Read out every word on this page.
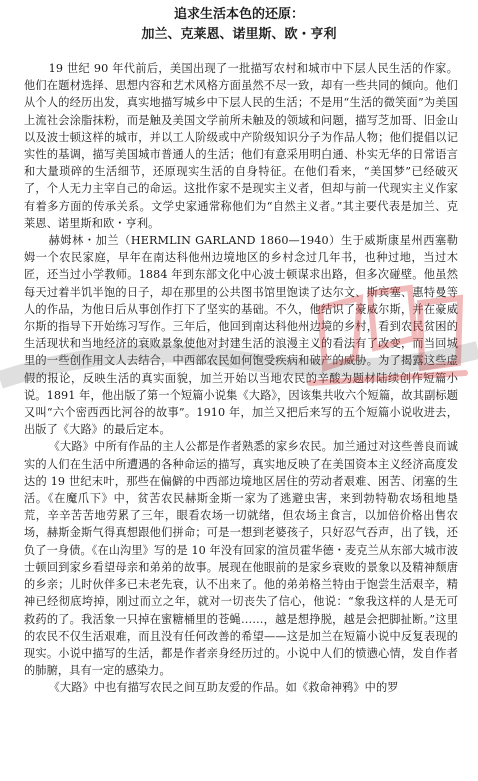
追求生活本色的还原：

加兰、克莱恩、诺里斯、欧・亨利

19 世纪 90 年代前后，美国出现了一批描写农村和城市中下层人民生活的作家。他们在题材选择、思想内容和艺术风格方面虽然不尽一致，却有一些共同的倾向。他们从个人的经历出发，真实地描写城乡中下层人民的生活；不是用“生活的微笑面”为美国上流社会涂脂抹粉，而是触及美国文学前所未触及的领域和问题，描写芝加哥、旧金山以及波士顿这样的城市，并以工人阶级或中产阶级知识分子为作品人物；他们提倡以记实性的基调，描写美国城市普通人的生活；他们有意采用明白通、朴实无华的日常语言和大量琐碎的生活细节，还原现实生活的自身特征。在他们看来，“美国梦”已经破灭了，个人无力主宰自己的命运。这批作家不是现实主义者，但却与前一代现实主义作家有着多方面的传承关系。文学史家通常称他们为“自然主义者。”其主要代表是加兰、克莱恩、诺里斯和欧・亨利。

赫姆林・加兰（HERMLIN GARLAND 1860—1940）生于威斯康星州西塞勒姆一个农民家庭，早年在南达科他州边境地区的乡村念过几年书，也种过地，当过木匠，还当过小学教师。1884 年到东部文化中心波士顿谋求出路，但多次碰壁。他虽然每天过着半饥半饱的日子，却在那里的公共图书馆里饱读了达尔文、斯宾塞、惠特曼等人的作品，为他日后从事创作打下了坚实的基础。不久，他结识了豪威尔斯，并在豪威尔斯的指导下开始练习写作。三年后，他回到南达科他州边境的乡村，看到农民贫困的生活现状和当地经济的衰败景象使他对封建生活的浪漫主义的看法有了改变，而当回城里的一些创作用文人去结合，中西部农民如何饱受疾病和破产的威胁。为了揭露这些虚假的报论，反映生活的真实面貌，加兰开始以当地农民的辛酸为题材陆续创作短篇小说。1891 年，他出版了第一个短篇小说集《大路》，因该集共收六个短篇，故其副标题又叫“六个密西西比河谷的故事”。1910 年，加兰又把后来写的五个短篇小说收进去，出版了《大路》的最后定本。

《大路》中所有作品的主人公都是作者熟悉的家乡农民。加兰通过对这些善良而诚实的人们在生活中所遭遇的各种命运的描写，真实地反映了在美国资本主义经济高度发达的 19 世纪末叶，那些在偏僻的中西部边境地区居住的劳动者艰难、困苦、闭塞的生活。《在魔爪下》中，贫苦农民赫斯金斯一家为了逃避虫害，来到勃特勒农场租地垦荒，辛辛苦苦地劳累了三年，眼看农场一切就绪，但农场主食言，以加倍价格出售农场，赫斯金斯气得真想跟他们拼命；可是一想到老婆孩子，只好忍气吞声，出了钱，还负了一身债。《在山沟里》写的是 10 年没有回家的渲员霍华德・麦克兰从东部大城市波士顿回到家乡看望母亲和弟弟的故事。展现在他眼前的是家乡衰败的景象以及精神颓唐的乡亲；儿时伙伴多已未老先衰，认不出来了。他的弟弟格兰特由于饱尝生活艰辛，精神已经彻底垮掉，刚过而立之年，就对一切丧失了信心，他说：“象我这样的人是无可救药的了。我活象一只掉在蜜糖桶里的苍蝇……，越是想挣脱，越是会把脚扯断。”这里的农民不仅生活艰难，而且没有任何改善的希望——这是加兰在短篇小说中反复表现的现实。小说中描写的生活，都是作者亲身经历过的。小说中人们的愤懑心情，发自作者的肺腑，具有一定的感染力。

《大路》中也有描写农民之间互助友爱的作品。如《救命神鸦》中的罗
